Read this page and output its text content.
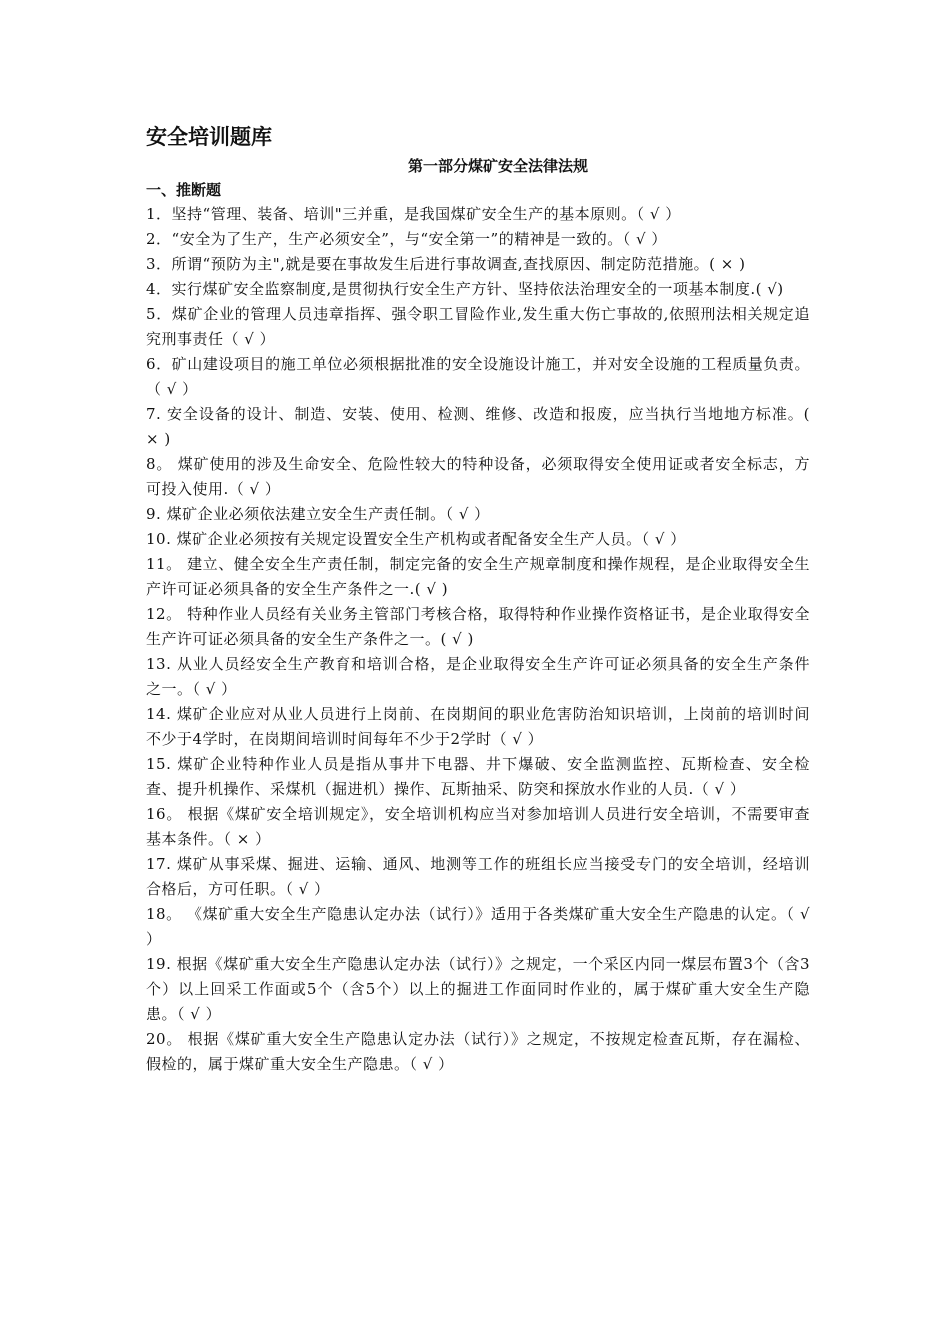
安全培训题库
第一部分煤矿安全法律法规
一、推断题
1．坚持“管理、装备、培训"三并重，是我国煤矿安全生产的基本原则。（ √ ）
2．“安全为了生产，生产必须安全”，与“安全第一”的精神是一致的。（ √ ）
3．所谓“预防为主",就是要在事故发生后进行事故调查,查找原因、制定防范措施。( × )
4．实行煤矿安全监察制度,是贯彻执行安全生产方针、坚持依法治理安全的一项基本制度.( √)
5．煤矿企业的管理人员违章指挥、强令职工冒险作业,发生重大伤亡事故的,依照刑法相关规定追究刑事责任（ √ ）
6．矿山建设项目的施工单位必须根据批准的安全设施设计施工，并对安全设施的工程质量负责。（ √ ）
7. 安全设备的设计、制造、安装、使用、检测、维修、改造和报废，应当执行当地地方标准。( × )
8。 煤矿使用的涉及生命安全、危险性较大的特种设备，必须取得安全使用证或者安全标志，方可投入使用.（ √ ）
9. 煤矿企业必须依法建立安全生产责任制。（ √ ）
10. 煤矿企业必须按有关规定设置安全生产机构或者配备安全生产人员。（ √ ）
11。 建立、健全安全生产责任制，制定完备的安全生产规章制度和操作规程，是企业取得安全生产许可证必须具备的安全生产条件之一.( √ )
12。 特种作业人员经有关业务主管部门考核合格，取得特种作业操作资格证书，是企业取得安全生产许可证必须具备的安全生产条件之一。( √ )
13. 从业人员经安全生产教育和培训合格，是企业取得安全生产许可证必须具备的安全生产条件之一。（ √ ）
14. 煤矿企业应对从业人员进行上岗前、在岗期间的职业危害防治知识培训，上岗前的培训时间不少于4学时，在岗期间培训时间每年不少于2学时（ √ ）
15. 煤矿企业特种作业人员是指从事井下电器、井下爆破、安全监测监控、瓦斯检查、安全检查、提升机操作、采煤机（掘进机）操作、瓦斯抽采、防突和探放水作业的人员.（ √ ）
16。 根据《煤矿安全培训规定》，安全培训机构应当对参加培训人员进行安全培训，不需要审查基本条件。（ × ）
17. 煤矿从事采煤、掘进、运输、通风、地测等工作的班组长应当接受专门的安全培训，经培训合格后，方可任职。（ √ ）
18。 《煤矿重大安全生产隐患认定办法（试行）》适用于各类煤矿重大安全生产隐患的认定。（ √ ）
19. 根据《煤矿重大安全生产隐患认定办法（试行）》之规定，一个采区内同一煤层布置3个（含3个）以上回采工作面或5个（含5个）以上的掘进工作面同时作业的，属于煤矿重大安全生产隐患。（ √ ）
20。 根据《煤矿重大安全生产隐患认定办法（试行）》之规定，不按规定检查瓦斯，存在漏检、假检的，属于煤矿重大安全生产隐患。（ √ ）
